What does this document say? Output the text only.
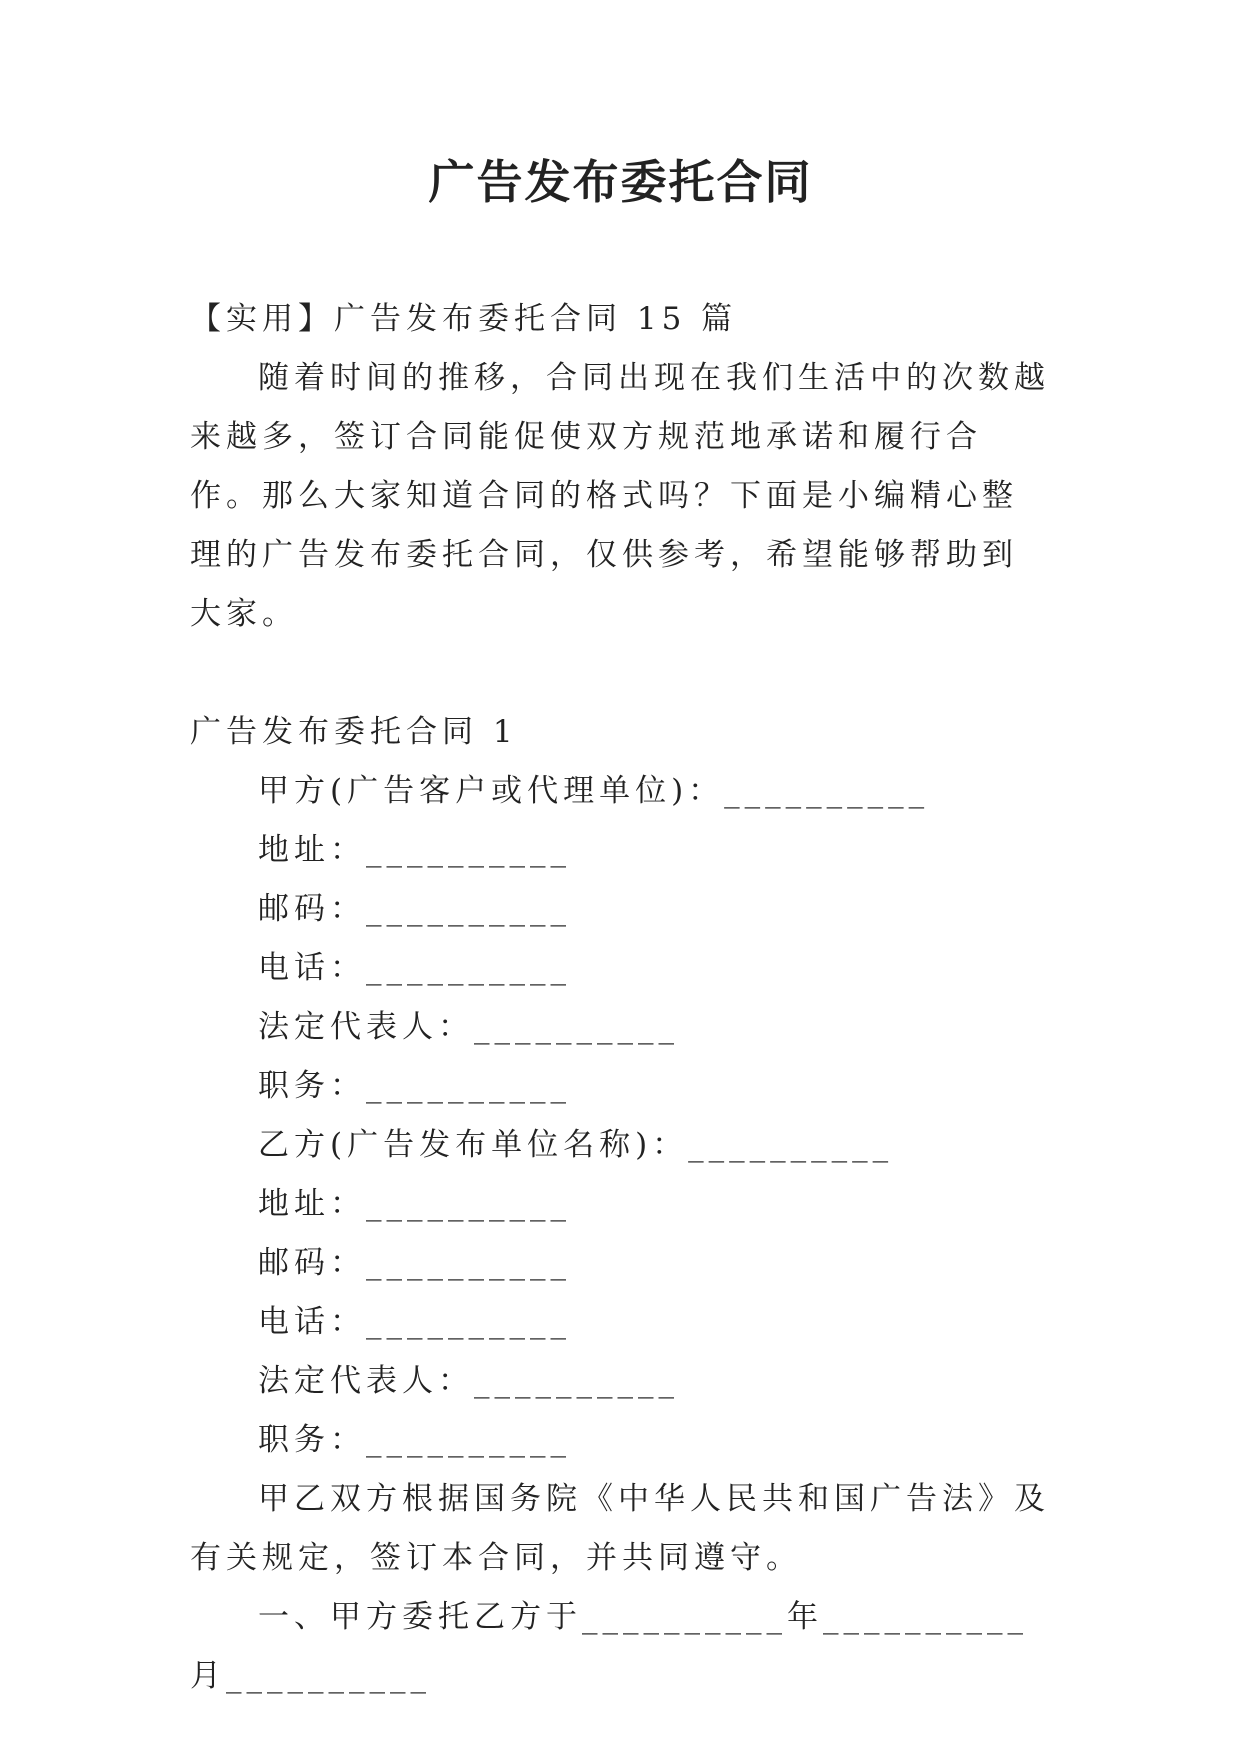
广告发布委托合同

【实用】广告发布委托合同 15 篇

随着时间的推移，合同出现在我们生活中的次数越来越多，签订合同能促使双方规范地承诺和履行合作。那么大家知道合同的格式吗？下面是小编精心整理的广告发布委托合同，仅供参考，希望能够帮助到大家。

广告发布委托合同 1

甲方(广告客户或代理单位)：__________

地址：__________

邮码：__________

电话：__________

法定代表人：__________

职务：__________

乙方(广告发布单位名称)：__________

地址：__________

邮码：__________

电话：__________

法定代表人：__________

职务：__________

甲乙双方根据国务院《中华人民共和国广告法》及有关规定，签订本合同，并共同遵守。

一、甲方委托乙方于__________年__________月__________
